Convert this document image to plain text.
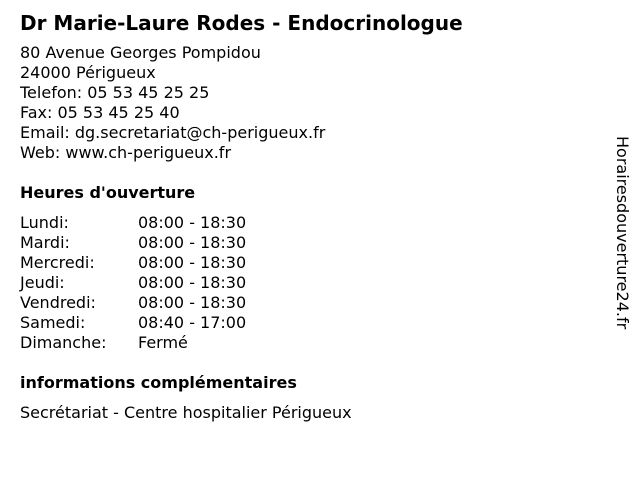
Dr Marie-Laure Rodes - Endocrinologue
80 Avenue Georges Pompidou
24000 Périgueux
Telefon: 05 53 45 25 25
Fax: 05 53 45 25 40
Email: dg.secretariat@ch-perigueux.fr
Web: www.ch-perigueux.fr
Heures d'ouverture
Lundi:	08:00 - 18:30
Mardi:	08:00 - 18:30
Mercredi:	08:00 - 18:30
Jeudi:	08:00 - 18:30
Vendredi:	08:00 - 18:30
Samedi:	08:40 - 17:00
Dimanche: Fermé
informations complémentaires
Secrétariat - Centre hospitalier Périgueux
Horairesdouverture24.fr
